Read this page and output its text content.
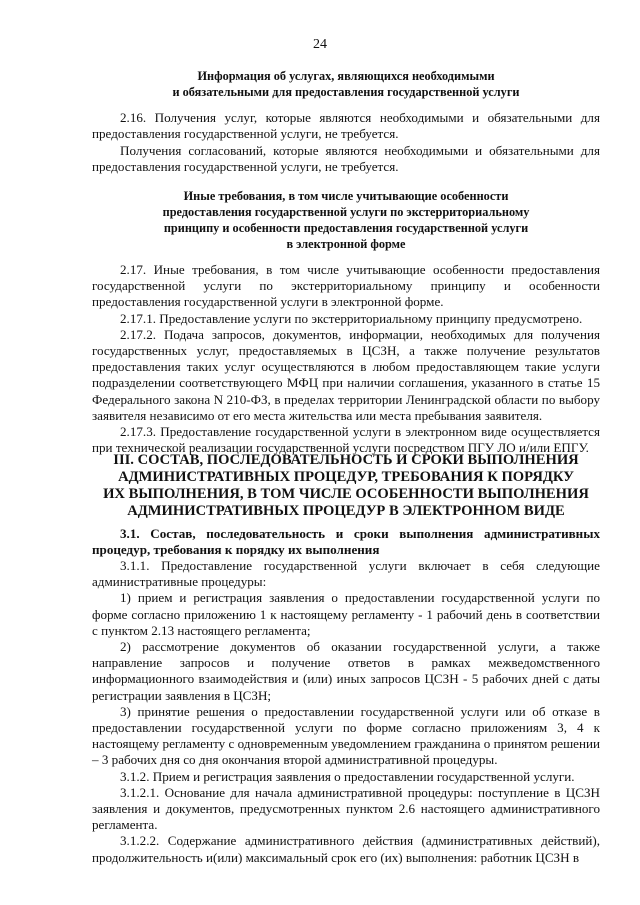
24
Информация об услугах, являющихся необходимыми
и обязательными для предоставления государственной услуги

2.16. Получения услуг, которые являются необходимыми и обязательными для предоставления государственной услуги, не требуется.

Получения согласований, которые являются необходимыми и обязательными для предоставления государственной услуги, не требуется.

Иные требования, в том числе учитывающие особенности
предоставления государственной услуги по экстерриториальному
принципу и особенности предоставления государственной услуги
в электронной форме

2.17. Иные требования, в том числе учитывающие особенности предоставления государственной услуги по экстерриториальному принципу и особенности предоставления государственной услуги в электронной форме.

2.17.1. Предоставление услуги по экстерриториальному принципу предусмотрено.

2.17.2. Подача запросов, документов, информации, необходимых для получения государственных услуг, предоставляемых в ЦСЗН, а также получение результатов предоставления таких услуг осуществляются в любом предоставляющем такие услуги подразделении соответствующего МФЦ при наличии соглашения, указанного в статье 15 Федерального закона N 210-ФЗ, в пределах территории Ленинградской области по выбору заявителя независимо от его места жительства или места пребывания заявителя.

2.17.3. Предоставление государственной услуги в электронном виде осуществляется при технической реализации государственной услуги посредством ПГУ ЛО и/или ЕПГУ.

III. СОСТАВ, ПОСЛЕДОВАТЕЛЬНОСТЬ И СРОКИ ВЫПОЛНЕНИЯ
АДМИНИСТРАТИВНЫХ ПРОЦЕДУР, ТРЕБОВАНИЯ К ПОРЯДКУ
ИХ ВЫПОЛНЕНИЯ, В ТОМ ЧИСЛЕ ОСОБЕННОСТИ ВЫПОЛНЕНИЯ
АДМИНИСТРАТИВНЫХ ПРОЦЕДУР В ЭЛЕКТРОННОМ ВИДЕ

3.1. Состав, последовательность и сроки выполнения административных процедур, требования к порядку их выполнения

3.1.1. Предоставление государственной услуги включает в себя следующие административные процедуры:

1) прием и регистрация заявления о предоставлении государственной услуги по форме согласно приложению 1 к настоящему регламенту - 1 рабочий день в соответствии с пунктом 2.13 настоящего регламента;

2) рассмотрение документов об оказании государственной услуги, а также направление запросов и получение ответов в рамках межведомственного информационного взаимодействия и (или) иных запросов ЦСЗН - 5 рабочих дней с даты регистрации заявления в ЦСЗН;

3) принятие решения о предоставлении государственной услуги или об отказе в предоставлении государственной услуги по форме согласно приложениям 3, 4 к настоящему регламенту с одновременным уведомлением гражданина о принятом решении – 3 рабочих дня со дня окончания второй административной процедуры.

3.1.2. Прием и регистрация заявления о предоставлении государственной услуги.

3.1.2.1. Основание для начала административной процедуры: поступление в ЦСЗН заявления и документов, предусмотренных пунктом 2.6 настоящего административного регламента.

3.1.2.2. Содержание административного действия (административных действий), продолжительность и(или) максимальный срок его (их) выполнения: работник ЦСЗН в
